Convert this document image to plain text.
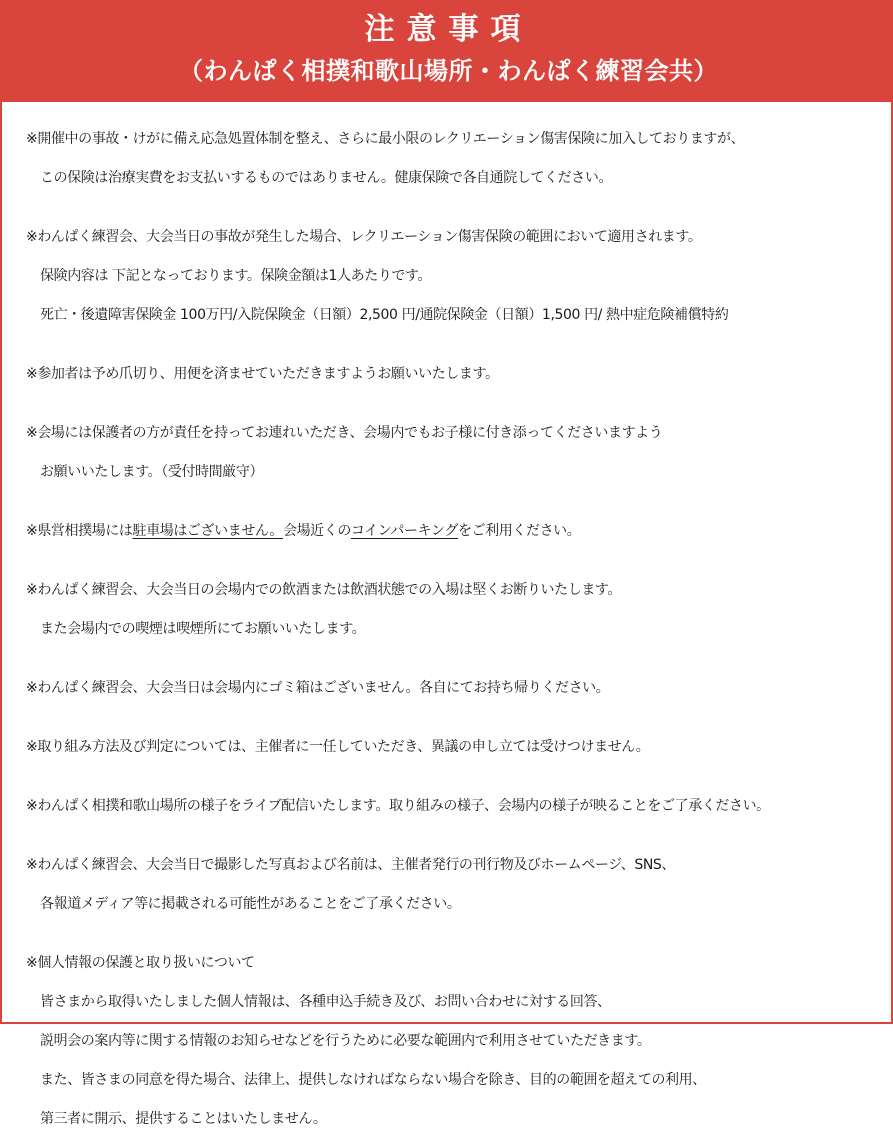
注意事項
（わんぱく相撲和歌山場所・わんぱく練習会共）
※開催中の事故・けがに備え応急処置体制を整え、さらに最小限のレクリエーション傷害保険に加入しておりますが、
この保険は治療実費をお支払いするものではありません。健康保険で各自通院してください。
※わんぱく練習会、大会当日の事故が発生した場合、レクリエーション傷害保険の範囲において適用されます。
保険内容は 下記となっております。保険金額は1人あたりです。
死亡・後遺障害保険金 100万円/入院保険金（日額）2,500 円/通院保険金（日額）1,500 円/ 熱中症危険補償特約
※参加者は予め爪切り、用便を済ませていただきますようお願いいたします。
※会場には保護者の方が責任を持ってお連れいただき、会場内でもお子様に付き添ってくださいますよう
お願いいたします。（受付時間厳守）
※県営相撲場には駐車場はございません。会場近くのコインパーキングをご利用ください。
※わんぱく練習会、大会当日の会場内での飲酒または飲酒状態での入場は堅くお断りいたします。
また会場内での喫煙は喫煙所にてお願いいたします。
※わんぱく練習会、大会当日は会場内にゴミ箱はございません。各自にてお持ち帰りください。
※取り組み方法及び判定については、主催者に一任していただき、異議の申し立ては受けつけません。
※わんぱく相撲和歌山場所の様子をライブ配信いたします。取り組みの様子、会場内の様子が映ることをご了承ください。
※わんぱく練習会、大会当日で撮影した写真および名前は、主催者発行の刊行物及びホームページ、SNS、
各報道メディア等に掲載される可能性があることをご了承ください。
※個人情報の保護と取り扱いについて
皆さまから取得いたしました個人情報は、各種申込手続き及び、お問い合わせに対する回答、
説明会の案内等に関する情報のお知らせなどを行うために必要な範囲内で利用させていただきます。
また、皆さまの同意を得た場合、法律上、提供しなければならない場合を除き、目的の範囲を超えての利用、
第三者に開示、提供することはいたしません。
